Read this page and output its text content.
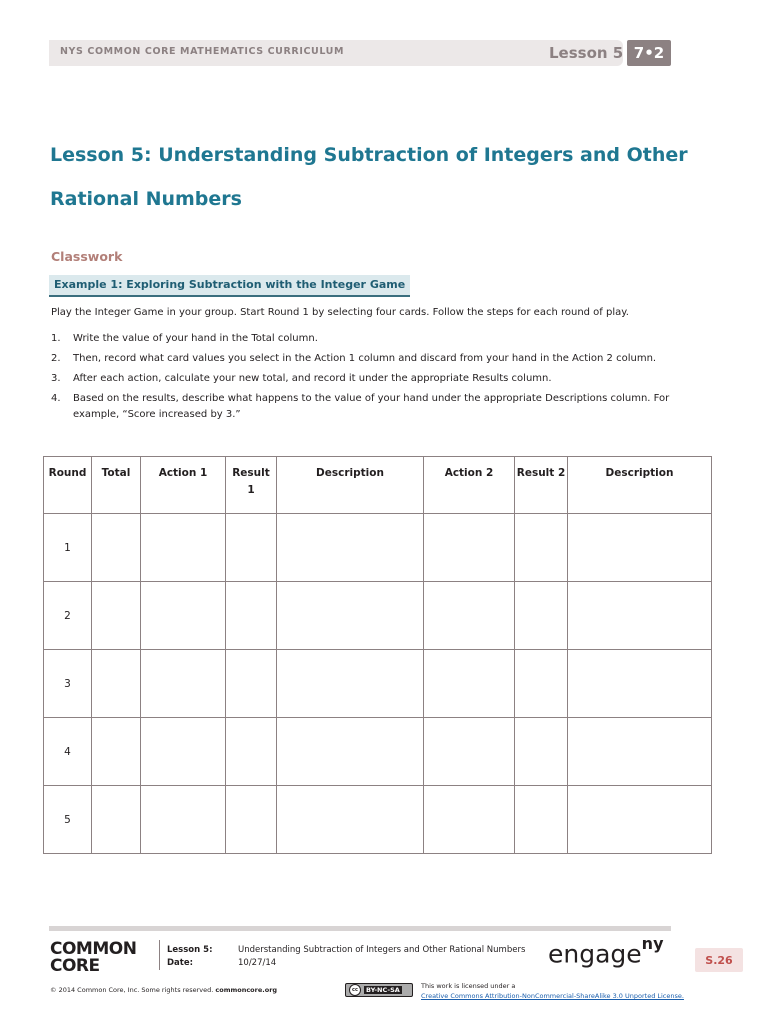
NYS COMMON CORE MATHEMATICS CURRICULUM	Lesson 5 7•2
Lesson 5: Understanding Subtraction of Integers and Other Rational Numbers
Classwork
Example 1: Exploring Subtraction with the Integer Game
Play the Integer Game in your group. Start Round 1 by selecting four cards. Follow the steps for each round of play.
1. Write the value of your hand in the Total column.
2. Then, record what card values you select in the Action 1 column and discard from your hand in the Action 2 column.
3. After each action, calculate your new total, and record it under the appropriate Results column.
4. Based on the results, describe what happens to the value of your hand under the appropriate Descriptions column. For example, “Score increased by 3.”
Round	Total	Action 1	Result 1	Description	Action 2	Result 2	Description
1							
2							
3							
4							
5							
COMMON
CORE
Lesson 5:
Date:
Understanding Subtraction of Integers and Other Rational Numbers
10/27/14	engage$^{ny}$
S.26
© 2014 Common Core, Inc. Some rights reserved. commoncore.org	cc	BY-NC-SA	This work is licensed under a
Creative Commons Attribution-NonCommercial-ShareAlike 3.0 Unported License.
